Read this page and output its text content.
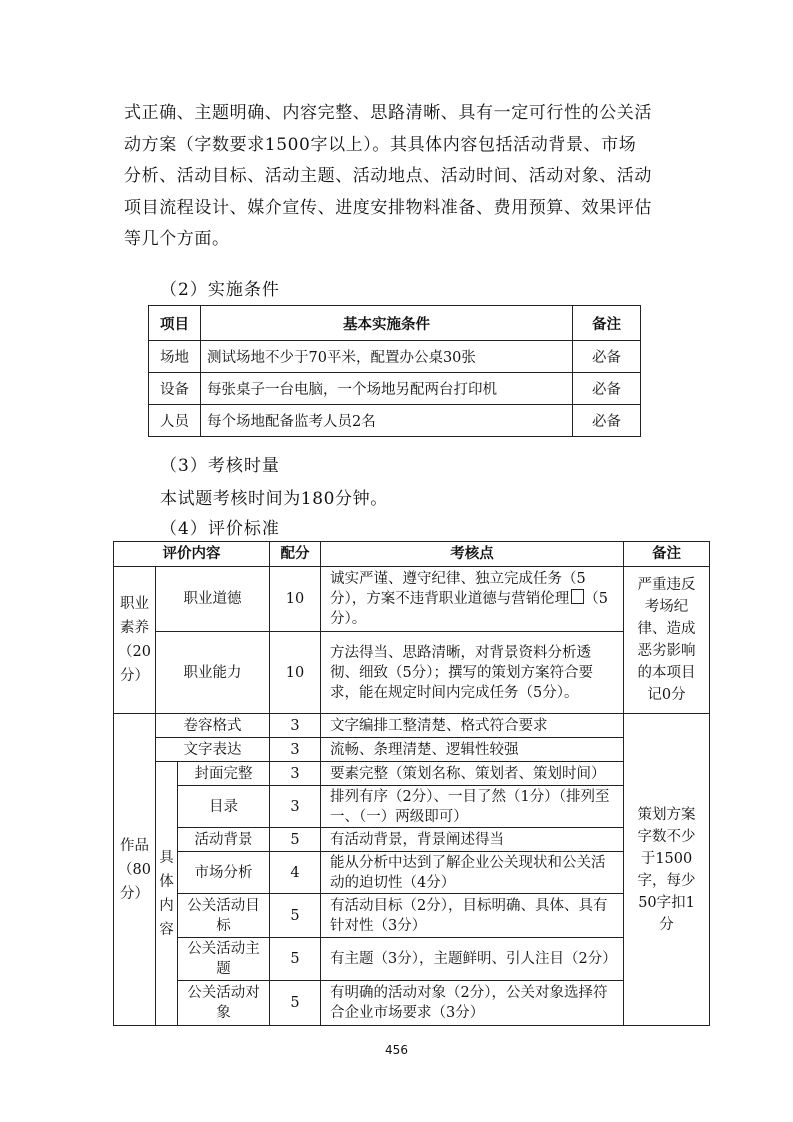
式正确、主题明确、内容完整、思路清晰、具有一定可行性的公关活
动方案（字数要求1500字以上）。其具体内容包括活动背景、市场
分析、活动目标、活动主题、活动地点、活动时间、活动对象、活动
项目流程设计、媒介宣传、进度安排物料准备、费用预算、效果评估
等几个方面。
（2）实施条件
项目	基本实施条件	备注
场地	测试场地不少于70平米，配置办公桌30张	必备
设备	每张桌子一台电脑，一个场地另配两台打印机	必备
人员	每个场地配备监考人员2名	必备
（3）考核时量
本试题考核时间为180分钟。
（4）评价标准
评价内容			配分	考核点	备注
职业素养（20分）	职业道德		10	诚实严谨、遵守纪律、独立完成任务（5分），方案不违背职业道德与营销伦理 （5分）。	严重违反考场纪律、造成恶劣影响的本项目记0分
	职业能力		10	方法得当、思路清晰，对背景资料分析透彻、细致（5分）；撰写的策划方案符合要求，能在规定时间内完成任务（5分）。	
作品（80分）	卷容格式		3	文字编排工整清楚、格式符合要求	策划方案字数不少于1500字，每少50字扣1分
	文字表达		3	流畅、条理清楚、逻辑性较强	
	具体内容	封面完整	3	要素完整（策划名称、策划者、策划时间）	
		目录	3	排列有序（2分）、一目了然（1分）（排列至一、（一）两级即可）	
		活动背景	5	有活动背景，背景阐述得当	
		市场分析	4	能从分析中达到了解企业公关现状和公关活动的迫切性（4分）	
		公关活动目标	5	有活动目标（2分），目标明确、具体、具有针对性（3分）	
		公关活动主题	5	有主题（3分），主题鲜明、引人注目（2分）	
		公关活动对象	5	有明确的活动对象（2分），公关对象选择符合企业市场要求（3分）	
456
